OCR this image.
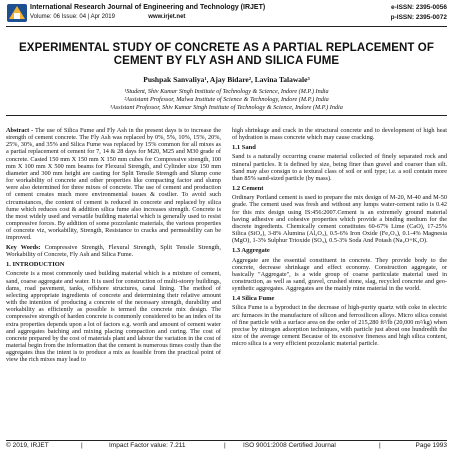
International Research Journal of Engineering and Technology (IRJET)
Volume: 06 Issue: 04 | Apr 2019	www.irjet.net
e-ISSN: 2395-0056
p-ISSN: 2395-0072
EXPERIMENTAL STUDY OF CONCRETE AS A PARTIAL REPLACEMENT OF CEMENT BY FLY ASH AND SILICA FUME
Pushpak Sanvaliya¹, Ajay Bidare², Lavina Talawale³
¹Student, Shiv Kumar Singh Institute of Technology & Science, Indore (M.P.) India
²Assistant Professor, Malwa Institute of Science & Technology, Indore (M.P.) India
³Assistant Professor, Shiv Kumar Singh Institute of Technology & Science, Indore (M.P.) India

Abstract - The use of Silica Fume and Fly Ash in the present days is to increase the strength of cement concrete. The Fly Ash was replaced by 0%, 5%, 10%, 15%, 20%, 25%, 30%, and 35% and Silica Fume was replaced by 15% common for all mixes as a partial replacement of cement for 7, 14 & 28 days for M20, M25 and M30 grade of concrete. Casted 150 mm X 150 mm X 150 mm cubes for Compressive strength, 100 mm X 100 mm X 500 mm beams for Flexural Strength, and Cylinder size 150 mm diameter and 300 mm height are casting for Split Tensile Strength and Slump cone for workability of concrete and other properties like compacting factor and slump were also determined for three mixes of concrete. The use of cement and production of cement creates much more environmental issues & costlier. To avoid such circumstances, the content of cement is reduced in concrete and replaced by silica fume which reduces cost & addition silica fume also increases strength. Concrete is the most widely used and versatile building material which is generally used to resist compressive forces. By addition of some pozzolanic materials, the various properties of concrete viz, workability, Strength, Resistance to cracks and permeability can be improved.

Key Words: Compressive Strength, Flexural Strength, Split Tensile Strength, Workability of Concrete, Fly Ash and Silica Fume.

1. INTRODUCTION

Concrete is a most commonly used building material which is a mixture of cement, sand, coarse aggregate and water. It is used for construction of multi-storey buildings, dams, road pavement, tanks, offshore structures, canal lining. The method of selecting appropriate ingredients of concrete and determining their relative amount with the intention of producing a concrete of the necessary strength, durability and workability as efficiently as possible is termed the concrete mix design. The compressive strength of harden concrete is commonly considered to be an index of its extra properties depends upon a lot of factors e.g. worth and amount of cement water and aggregates batching and mixing placing compaction and curing. The cost of concrete prepared by the cost of materials plant and labour the variation in the cost of material begin from the information that the cement is numerous times costly than the aggregates thus the intent is to produce a mix as feasible from the practical point of view the rich mixes may lead to

high shrinkage and crack in the structural concrete and to development of high heat of hydration is mass concrete which may cause cracking.

1.1 Sand

Sand is a naturally occurring coarse material collected of finely separated rock and mineral particles. It is defined by size, being finer than gravel and coarser than silt. Sand may also consign to a textural class of soil or soil type; i.e. a soil contain more than 85% sand-sized particle (by mass).

1.2 Cement

Ordinary Portland cement is used to prepare the mix design of M-20, M-40 and M-50 grade. The cement used was fresh and without any lumps water-cement ratio is 0.42 for this mix design using IS:456:2007.Cement is an extremely ground material having adhesive and cohesive properties which provide a binding medium for the discrete ingredients. Chemically cement constitutes 60-67% Lime (CaO), 17-25% Silica (SiO₂), 3-8% Alumina (Al₂O₃), 0.5-6% Iron Oxide (Fe₂O₃), 0.1-4% Magnesia (MgO), 1-3% Sulphur Trioxide (SO₃), 0.5-3% Soda And Potash (Na₂O+K₂O).

1.3 Aggregate

Aggregate are the essential constituent in concrete. They provide body to the concrete, decrease shrinkage and effect economy. Construction aggregate, or basically "Aggregate", is a wide group of coarse particulate material used in construction, as well as sand, gravel, crushed stone, slag, recycled concrete and geo-synthetic aggregates. Aggregates are the mainly mine material in the world.

1.4 Silica Fume

Silica Fume is a byproduct in the decrease of high-purity quartz with coke in electric arc furnaces in the manufacture of silicon and ferrosilicon alloys. Micro silica consist of fine particle with a surface area on the order of 215,280 ft²/lb (20,000 m²/kg) when precise by nitrogen adsorption techniques, with particle just about one hundredth the size of the average cement Because of its excessive fineness and high silica content, micro silica is a very efficient pozzolanic material particle.

© 2019, IRJET	|	Impact Factor value: 7.211	|	ISO 9001:2008 Certified Journal	|	Page 1993
